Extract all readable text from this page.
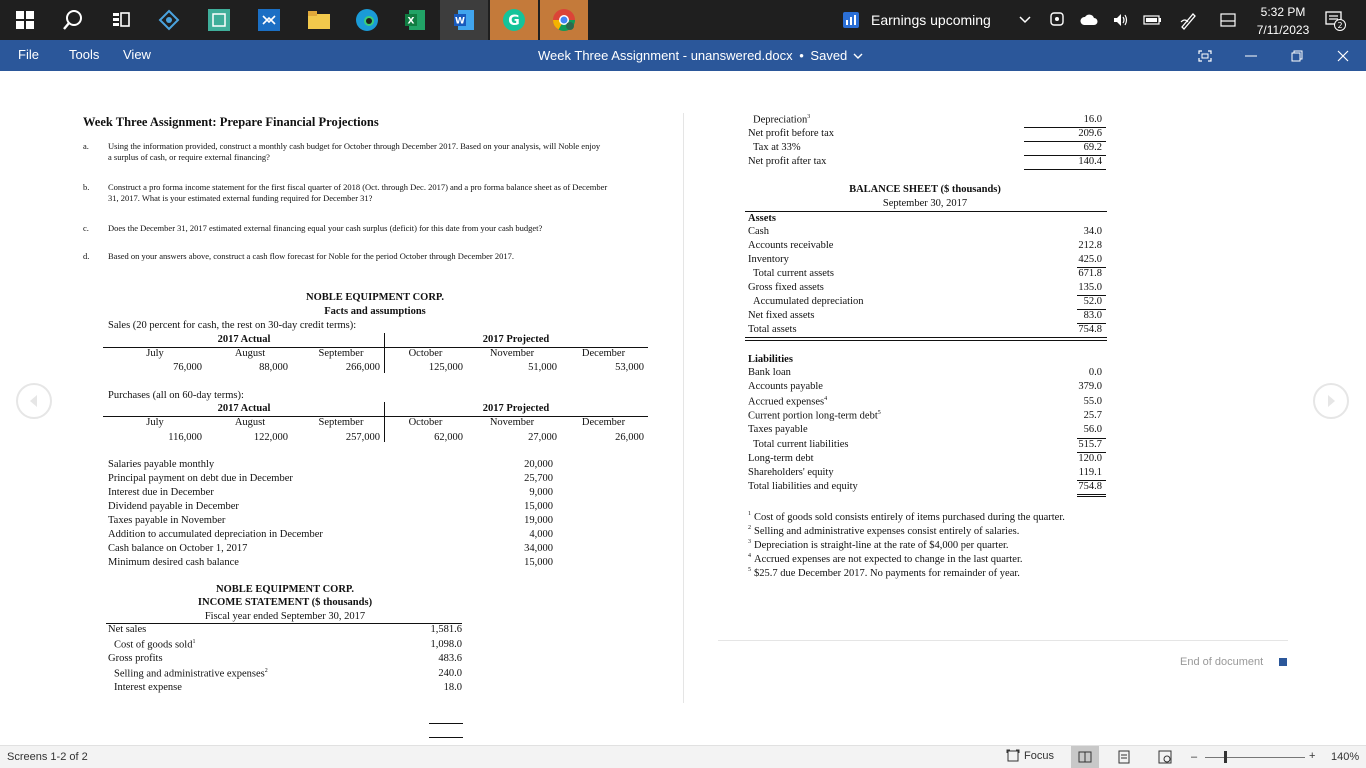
X	W	G	Earnings upcoming	5:32 PM
7/11/2023	2
File Tools View	Week Three Assignment - unanswered.docx • Saved
Week Three Assignment: Prepare Financial Projections
a. Using the information provided, construct a monthly cash budget for October through December 2017. Based on your analysis, will Noble enjoy
a surplus of cash, or require external financing?
b. Construct a pro forma income statement for the first fiscal quarter of 2018 (Oct. through Dec. 2017) and a pro forma balance sheet as of December
31, 2017. What is your estimated external funding required for December 31?
c. Does the December 31, 2017 estimated external financing equal your cash surplus (deficit) for this date from your cash budget?
d. Based on your answers above, construct a cash flow forecast for Noble for the period October through December 2017.
NOBLE EQUIPMENT CORP.
Facts and assumptions
Sales (20 percent for cash, the rest on 30-day credit terms):
2017 Actual	2017 Projected
July	August	September	October	November	December
76,000	88,000	266,000	125,000	51,000	53,000
Purchases (all on 60-day terms):
2017 Actual	2017 Projected
July	August	September	October	November	December
116,000	122,000	257,000	62,000	27,000	26,000
Salaries payable monthly	20,000
Principal payment on debt due in December	25,700
Interest due in December	9,000
Dividend payable in December	15,000
Taxes payable in November	19,000
Addition to accumulated depreciation in December	4,000
Cash balance on October 1, 2017	34,000
Minimum desired cash balance	15,000
NOBLE EQUIPMENT CORP.
INCOME STATEMENT ($ thousands)
Fiscal year ended September 30, 2017
Net sales	1,581.6
Cost of goods sold$^1$	1,098.0
Gross profits	483.6
Selling and administrative expenses$^2$	240.0
Interest expense	18.0
Depreciation$^3$	16.0
Net profit before tax	209.6
Tax at 33%	69.2
Net profit after tax	140.4
BALANCE SHEET ($ thousands)
September 30, 2017
Assets
Cash	34.0
Accounts receivable	212.8
Inventory	425.0
Total current assets	671.8
Gross fixed assets	135.0
Accumulated depreciation	52.0
Net fixed assets	83.0
Total assets	754.8
Liabilities
Bank loan	0.0
Accounts payable	379.0
Accrued expenses$^4$	55.0
Current portion long-term debt$^5$	25.7
Taxes payable	56.0
Total current liabilities	515.7
Long-term debt	120.0
Shareholders' equity	119.1
Total liabilities and equity	754.8
$^1$ Cost of goods sold consists entirely of items purchased during the quarter.
$^2$ Selling and administrative expenses consist entirely of salaries.
$^3$ Depreciation is straight-line at the rate of $4,000 per quarter.
$^4$ Accrued expenses are not expected to change in the last quarter.
$^5$ $25.7 due December 2017. No payments for remainder of year.
End of document
Screens 1-2 of 2	Focus	–	+ 140%
